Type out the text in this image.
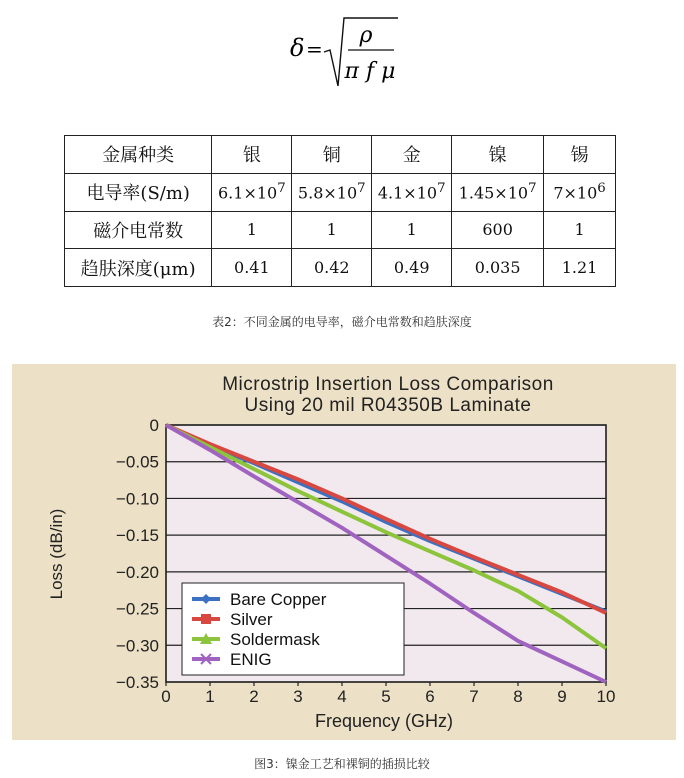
δ =
ρ
π f μ
金属种类	银	铜	金	镍	锡
电导率(S/m)	$6.1\times 10^7$	$5.8\times 10^7$	$4.1\times 10^7$	$1.45\times 10^7$	$7\times 10^6$
磁介电常数	1	1	1	600	1
趋肤深度(μm)	0.41	0.42	0.49	0.035	1.21
表2：不同金属的电导率，磁介电常数和趋肤深度
Microstrip Insertion Loss Comparison
Using 20 mil R04350B Laminate
0
−0.05
−0.10
−0.15
−0.20
−0.25
−0.30
−0.35
0 1 2 3 4 5 6 7 8 9 10
Loss (dB/in)
Frequency (GHz)
Bare Copper
Silver
Soldermask
ENIG
图3：镍金工艺和裸铜的插损比较
